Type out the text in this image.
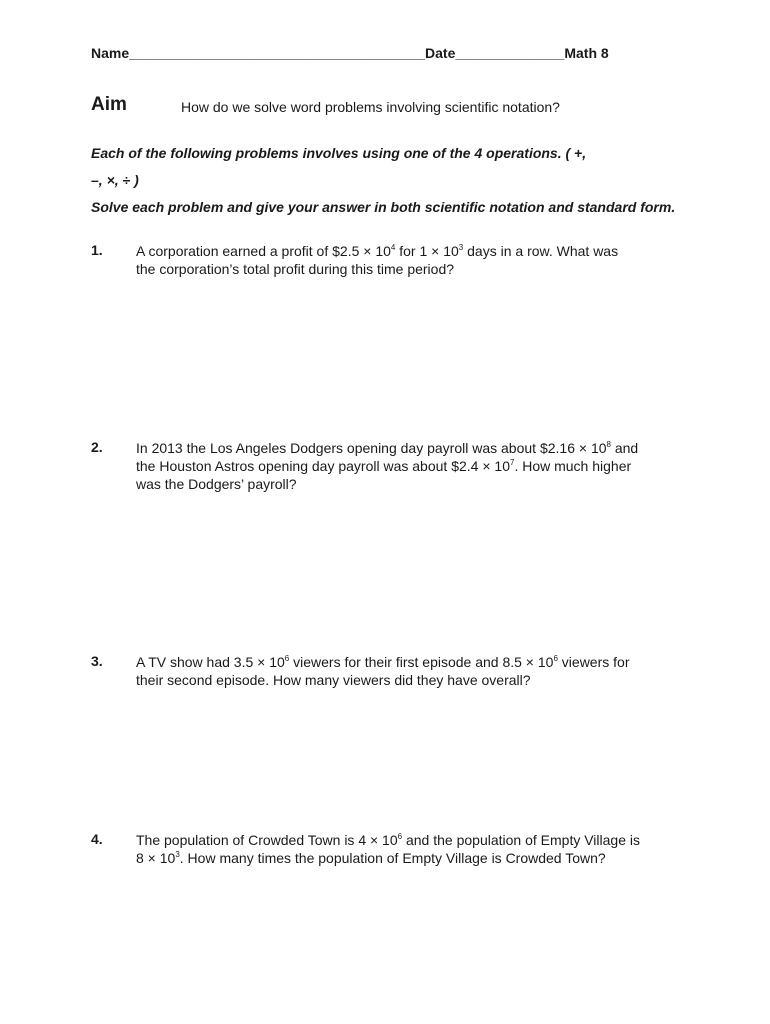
Name______________________________________Date______________Math 8
Aim	How do we solve word problems involving scientific notation?
Each of the following problems involves using one of the 4 operations. ( +,
–, ×, ÷ )
Solve each problem and give your answer in both scientific notation and standard form.
1. A corporation earned a profit of $2.5 × $10^4$ for $1 \times 10^3$ days in a row. What was
the corporation’s total profit during this time period?
2. In 2013 the Los Angeles Dodgers opening day payroll was about $2.16 × $10^8$ and
the Houston Astros opening day payroll was about $2.4 × $10^7$. How much higher
was the Dodgers’ payroll?
3. A TV show had $3.5 \times 10^6$ viewers for their first episode and $8.5 \times 10^6$ viewers for
their second episode. How many viewers did they have overall?
4. The population of Crowded Town is $4 \times 10^6$ and the population of Empty Village is
$8 \times 10^3$. How many times the population of Empty Village is Crowded Town?
